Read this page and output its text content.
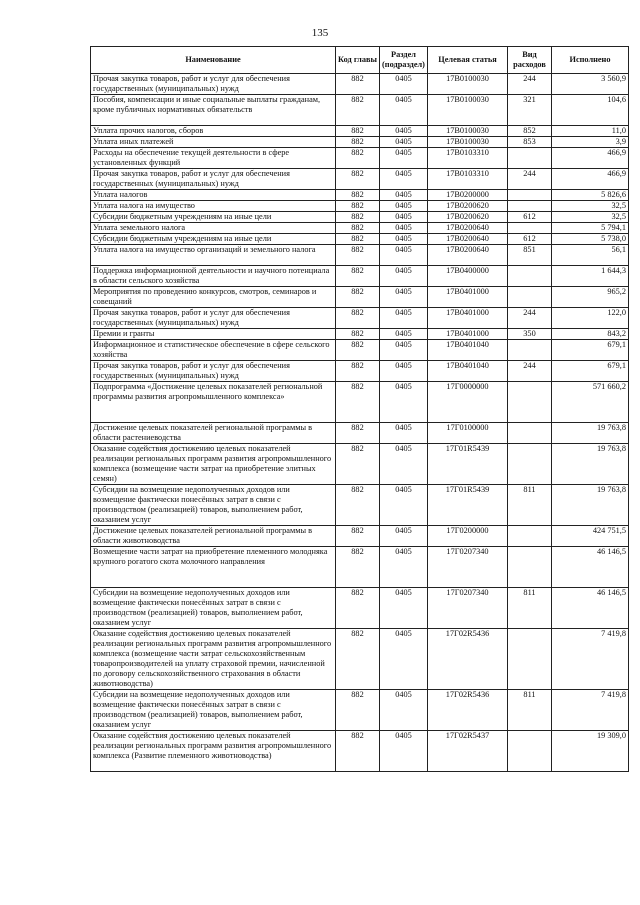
135
Наименование	Код главы	Раздел (подраздел)	Целевая статья	Вид расходов	Исполнено
Прочая закупка товаров, работ и услуг для обеспечения государственных (муниципальных) нужд	882	0405	17В0100030	244	3 560,9
Пособия, компенсации и иные социальные выплаты гражданам, кроме публичных нормативных обязательств	882	0405	17В0100030	321	104,6
Уплата прочих налогов, сборов	882	0405	17В0100030	852	11,0
Уплата иных платежей	882	0405	17В0100030	853	3,9
Расходы на обеспечение текущей деятельности в сфере установленных функций	882	0405	17В0103310		466,9
Прочая закупка товаров, работ и услуг для обеспечения государственных (муниципальных) нужд	882	0405	17В0103310	244	466,9
Уплата налогов	882	0405	17В0200000		5 826,6
Уплата налога на имущество	882	0405	17В0200620		32,5
Субсидии бюджетным учреждениям на иные цели	882	0405	17В0200620	612	32,5
Уплата земельного налога	882	0405	17В0200640		5 794,1
Субсидии бюджетным учреждениям на иные цели	882	0405	17В0200640	612	5 738,0
Уплата налога на имущество организаций и земельного налога	882	0405	17В0200640	851	56,1
Поддержка информационной деятельности и научного потенциала в области сельского хозяйства	882	0405	17В0400000		1 644,3
Мероприятия по проведению конкурсов, смотров, семинаров и совещаний	882	0405	17В0401000		965,2
Прочая закупка товаров, работ и услуг для обеспечения государственных (муниципальных) нужд	882	0405	17В0401000	244	122,0
Премии и гранты	882	0405	17В0401000	350	843,2
Информационное и статистическое обеспечение в сфере сельского хозяйства	882	0405	17В0401040		679,1
Прочая закупка товаров, работ и услуг для обеспечения государственных (муниципальных) нужд	882	0405	17В0401040	244	679,1
Подпрограмма «Достижение целевых показателей региональной программы развития агропромышленного комплекса»	882	0405	17Г0000000		571 660,2
Достижение целевых показателей региональной программы в области растениеводства	882	0405	17Г0100000		19 763,8
Оказание содействия достижению целевых показателей реализации региональных программ развития агропромышленного комплекса (возмещение части затрат на приобретение элитных семян)	882	0405	17Г01R5439		19 763,8
Субсидии на возмещение недополученных доходов или возмещение фактически понесённых затрат в связи с производством (реализацией) товаров, выполнением работ, оказанием услуг	882	0405	17Г01R5439	811	19 763,8
Достижение целевых показателей региональной программы в области животноводства	882	0405	17Г0200000		424 751,5
Возмещение части затрат на приобретение племенного молодняка крупного рогатого скота молочного направления	882	0405	17Г0207340		46 146,5
Субсидии на возмещение недополученных доходов или возмещение фактически понесённых затрат в связи с производством (реализацией) товаров, выполнением работ, оказанием услуг	882	0405	17Г0207340	811	46 146,5
Оказание содействия достижению целевых показателей реализации региональных программ развития агропромышленного комплекса (возмещение части затрат сельскохозяйственным товаропроизводителей на уплату страховой премии, начисленной по договору сельскохозяйственного страхования в области животноводства)	882	0405	17Г02R5436		7 419,8
Субсидии на возмещение недополученных доходов или возмещение фактически понесённых затрат в связи с производством (реализацией) товаров, выполнением работ, оказанием услуг	882	0405	17Г02R5436	811	7 419,8
Оказание содействия достижению целевых показателей реализации региональных программ развития агропромышленного комплекса (Развитие племенного животноводства)	882	0405	17Г02R5437		19 309,0
